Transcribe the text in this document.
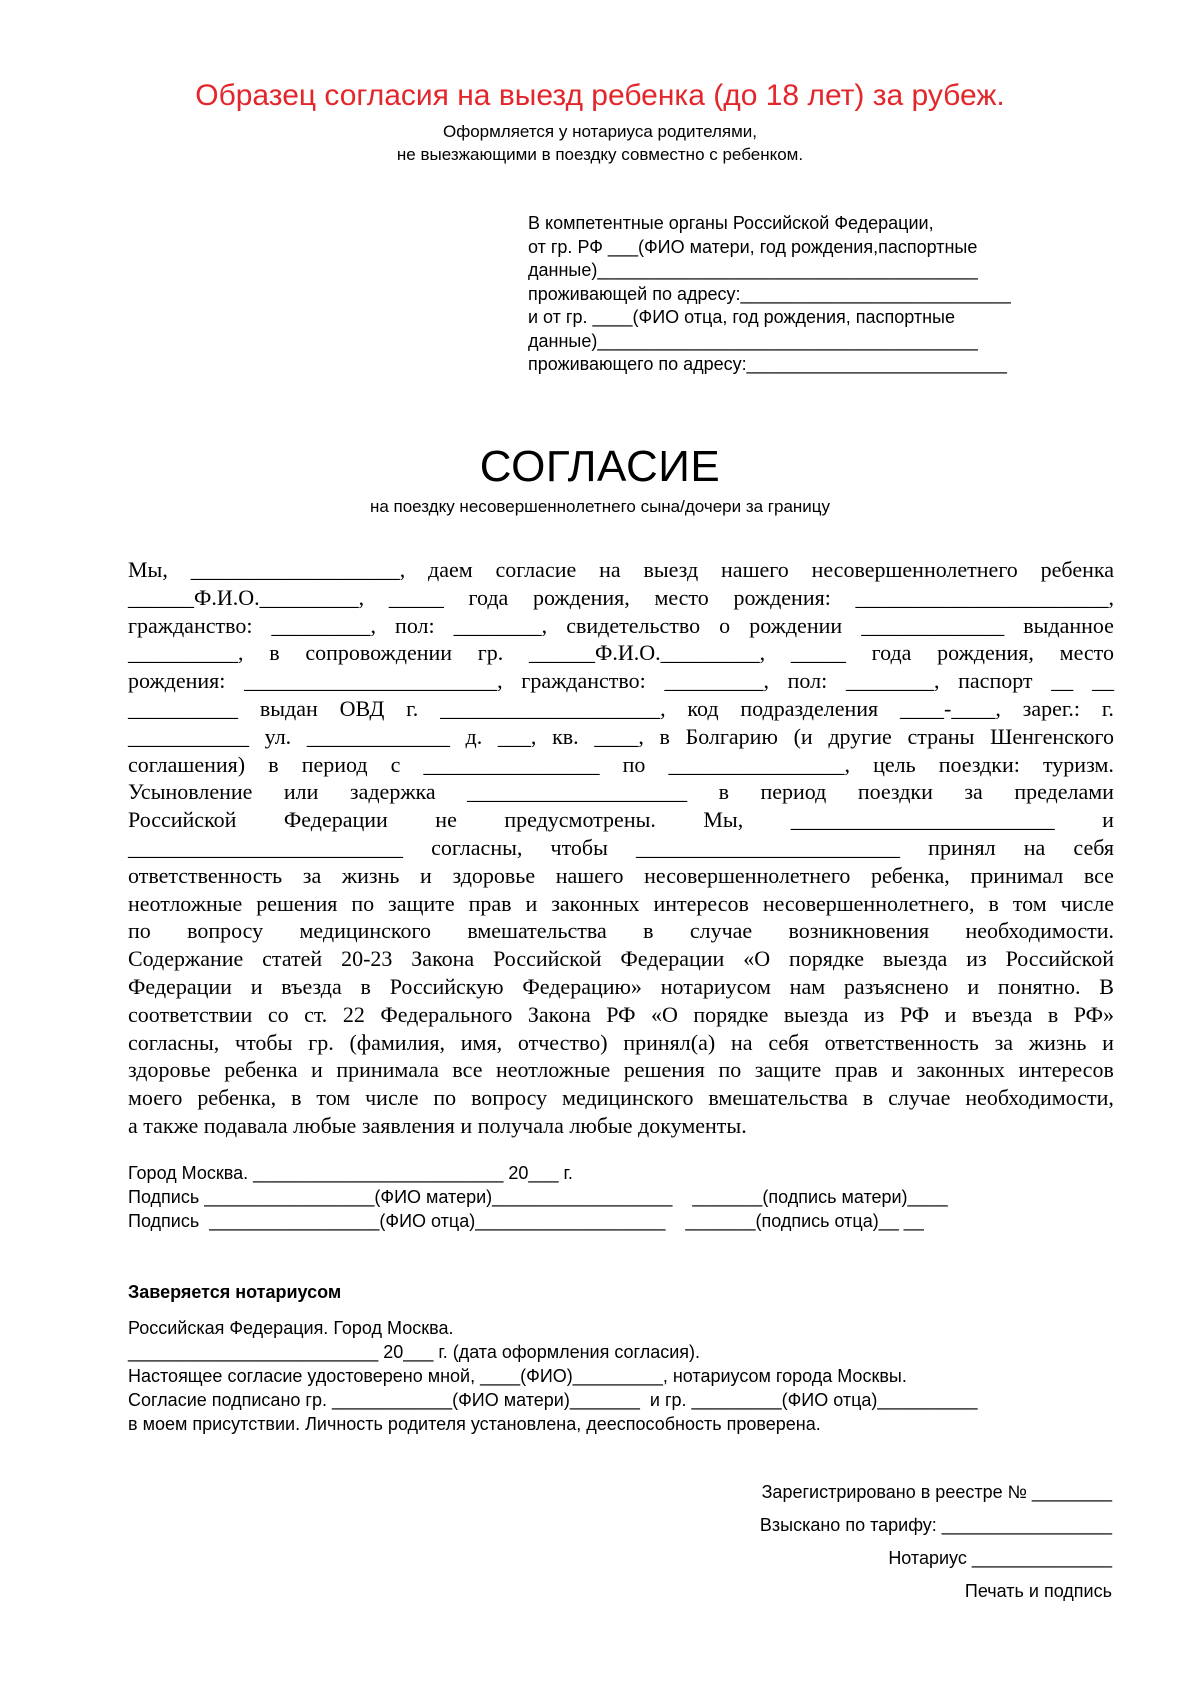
Образец согласия на выезд ребенка (до 18 лет) за рубеж.
Оформляется у нотариуса родителями,
не выезжающими в поездку совместно с ребенком.
В компетентные органы Российской Федерации,
от гр. РФ ___(ФИО матери, год рождения,паспортные
данные)______________________________________
проживающей по адресу:___________________________
и от гр. ____(ФИО отца, год рождения, паспортные
данные)______________________________________
проживающего по адресу:__________________________
СОГЛАСИЕ
на поездку несовершеннолетнего сына/дочери за границу
Мы, ___________________, даем согласие на выезд нашего несовершеннолетнего ребенка
______Ф.И.О._________, _____ года рождения, место рождения: _______________________,
гражданство: _________, пол: ________, свидетельство о рождении _____________ выданное
__________, в сопровождении гр. ______Ф.И.О._________, _____ года рождения, место
рождения: _______________________, гражданство: _________, пол: ________, паспорт __ __
__________ выдан ОВД г. ____________________, код подразделения ____-____, зарег.: г.
___________ ул. _____________ д. ___, кв. ____, в Болгарию (и другие страны Шенгенского
соглашения) в период с ________________ по ________________, цель поездки: туризм.
Усыновление или задержка ____________________ в период поездки за пределами
Российской Федерации не предусмотрены. Мы, ________________________ и
_________________________ согласны, чтобы ________________________ принял на себя
ответственность за жизнь и здоровье нашего несовершеннолетнего ребенка, принимал все
неотложные решения по защите прав и законных интересов несовершеннолетнего, в том числе
по вопросу медицинского вмешательства в случае возникновения необходимости.
Содержание статей 20-23 Закона Российской Федерации «О порядке выезда из Российской
Федерации и въезда в Российскую Федерацию» нотариусом нам разъяснено и понятно. В
соответствии со ст. 22 Федерального Закона РФ «О порядке выезда из РФ и въезда в РФ»
согласны, чтобы гр. (фамилия, имя, отчество) принял(а) на себя ответственность за жизнь и
здоровье ребенка и принимала все неотложные решения по защите прав и законных интересов
моего ребенка, в том числе по вопросу медицинского вмешательства в случае необходимости,
а также подавала любые заявления и получала любые документы.
Город Москва. _________________________ 20___ г.
Подпись _________________(ФИО матери)__________________    _______(подпись матери)____
Подпись  _________________(ФИО отца)___________________    _______(подпись отца)__ __
Заверяется нотариусом
Российская Федерация. Город Москва.
_________________________ 20___ г. (дата оформления согласия).
Настоящее согласие удостоверено мной, ____(ФИО)_________, нотариусом города Москвы.
Согласие подписано гр. ____________(ФИО матери)_______  и гр. _________(ФИО отца)__________
в моем присутствии. Личность родителя установлена, дееспособность проверена.
Зарегистрировано в реестре № ________
Взыскано по тарифу: _________________
Нотариус ______________
Печать и подпись
